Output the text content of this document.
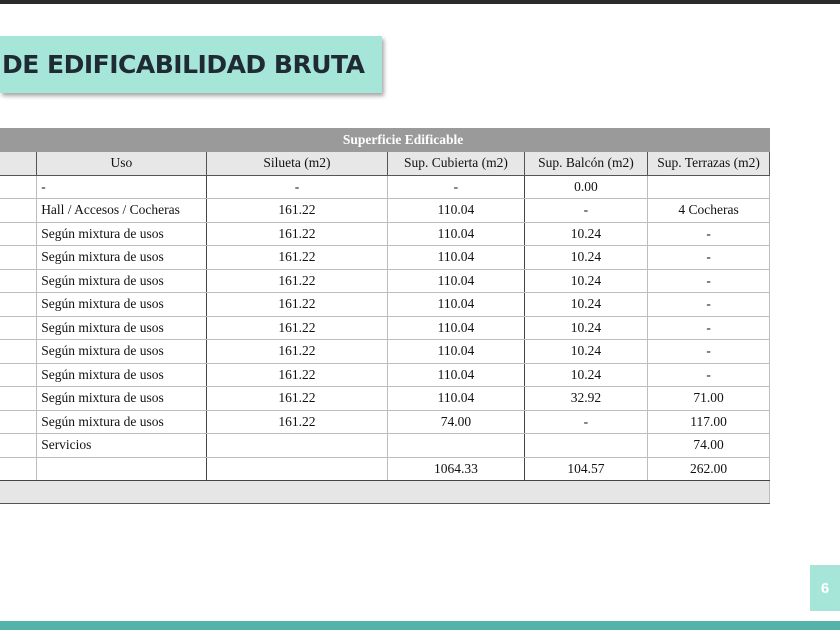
DE EDIFICABILIDAD BRUTA
	Superficie Edificable				
	Uso	Silueta (m2)	Sup. Cubierta (m2)	Sup. Balcón (m2)	Sup. Terrazas (m2)
	-	-	-	0.00	
	Hall / Accesos / Cocheras	161.22	110.04	-	4 Cocheras
	Según mixtura de usos	161.22	110.04	10.24	-
	Según mixtura de usos	161.22	110.04	10.24	-
	Según mixtura de usos	161.22	110.04	10.24	-
	Según mixtura de usos	161.22	110.04	10.24	-
	Según mixtura de usos	161.22	110.04	10.24	-
	Según mixtura de usos	161.22	110.04	10.24	-
	Según mixtura de usos	161.22	110.04	10.24	-
	Según mixtura de usos	161.22	110.04	32.92	71.00
	Según mixtura de usos	161.22	74.00	-	117.00
	Servicios				74.00
			1064.33	104.57	262.00

6
